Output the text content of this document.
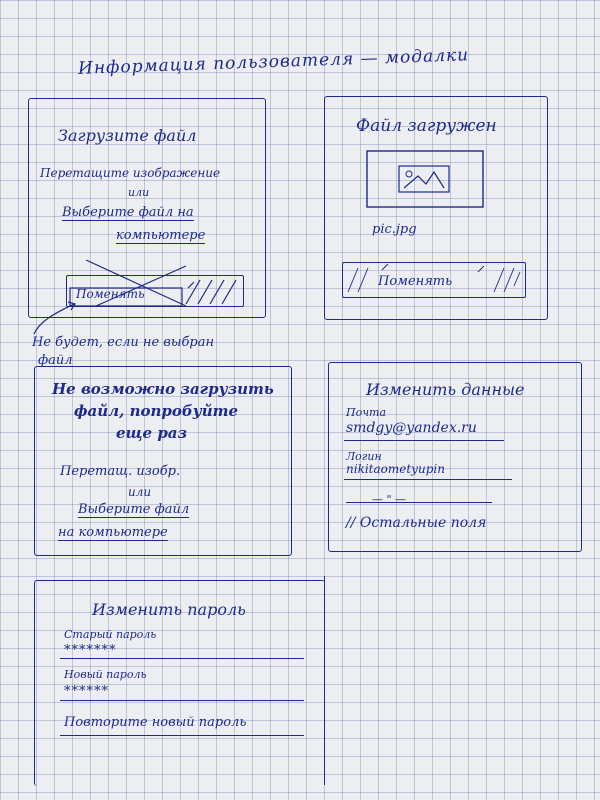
Информация пользователя — модалки
Загрузите файл
Перетащите изображение
или
Выберите файл на
компьютере
Поменять
Не будет, если не выбран
файл
Файл загружен
pic.jpg
Поменять
Не возможно загрузить
файл, попробуйте
еще раз
Перетащ. изобр.
или
Выберите файл
на компьютере
Изменить данные
Почта
smdgy@yandex.ru
Логин
nikitaometyupin
— " —
// Остальные поля
Изменить пароль
Старый пароль
*******
Новый пароль
******
Повторите новый пароль
